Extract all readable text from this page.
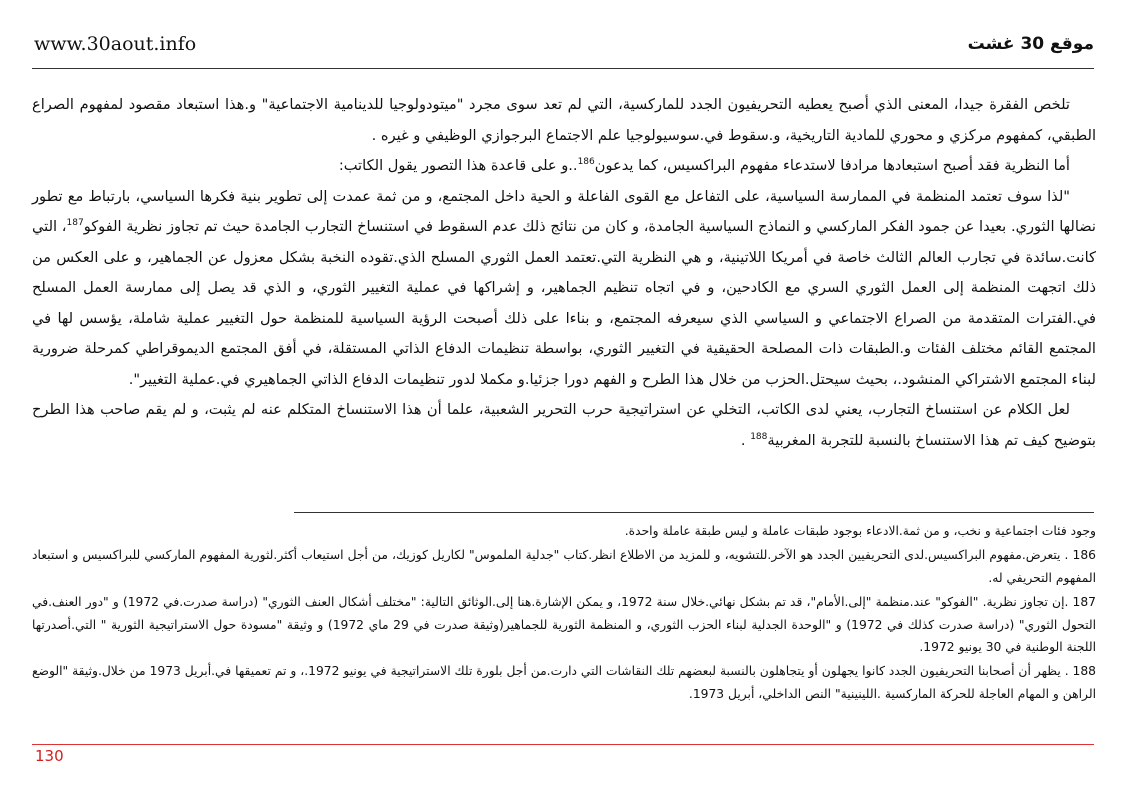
www.30aout.info	موقع 30 غشت

تلخص الفقرة جيدا، المعنى الذي أصبح يعطيه التحريفيون الجدد للماركسية، التي لم تعد سوى مجرد "ميتودولوجيا للدينامية الاجتماعية" و.هذا استبعاد مقصود لمفهوم الصراع الطبقي، كمفهوم مركزي و محوري للمادية التاريخية، و.سقوط في.سوسيولوجيا علم الاجتماع البرجوازي الوظيفي و غيره .

أما النظرية فقد أصبح استبعادها مرادفا لاستدعاء مفهوم البراكسيس، كما يدعون$^{186}$..و على قاعدة هذا التصور يقول الكاتب:

"لذا سوف تعتمد المنظمة في الممارسة السياسية، على التفاعل مع القوى الفاعلة و الحية داخل المجتمع، و من ثمة عمدت إلى تطوير بنية فكرها السياسي، بارتباط مع تطور نضالها الثوري. بعيدا عن جمود الفكر الماركسي و النماذج السياسية الجامدة، و كان من نتائج ذلك عدم السقوط في استنساخ التجارب الجامدة حيث تم تجاوز نظرية الفوكو$^{187}$، التي كانت.سائدة في تجارب العالم الثالث خاصة في أمريكا اللاتينية، و هي النظرية التي.تعتمد العمل الثوري المسلح الذي.تقوده النخبة بشكل معزول عن الجماهير، و على العكس من ذلك اتجهت المنظمة إلى العمل الثوري السري مع الكادحين، و في اتجاه تنظيم الجماهير، و إشراكها في عملية التغيير الثوري، و الذي قد يصل إلى ممارسة العمل المسلح في.الفترات المتقدمة من الصراع الاجتماعي و السياسي الذي سيعرفه المجتمع، و بناءا على ذلك أصبحت الرؤية السياسية للمنظمة حول التغيير عملية شاملة، يؤسس لها في المجتمع القائم مختلف الفئات و.الطبقات ذات المصلحة الحقيقية في التغيير الثوري، بواسطة تنظيمات الدفاع الذاتي المستقلة، في أفق المجتمع الديموقراطي كمرحلة ضرورية لبناء المجتمع الاشتراكي المنشود.، بحيث سيحتل.الحزب من خلال هذا الطرح و الفهم دورا جزئيا.و مكملا لدور تنظيمات الدفاع الذاتي الجماهيري في.عملية التغيير".

لعل الكلام عن استنساخ التجارب، يعني لدى الكاتب، التخلي عن استراتيجية حرب التحرير الشعبية، علما أن هذا الاستنساخ المتكلم عنه لم يثبت، و لم يقم صاحب هذا الطرح بتوضيح كيف تم هذا الاستنساخ بالنسبة للتجربة المغربية$^{188}$ .

وجود فئات اجتماعية و نخب، و من ثمة.الادعاء بوجود طبقات عاملة و ليس طبقة عاملة واحدة.

186 . يتعرض.مفهوم البراكسيس.لدى التحريفيين الجدد هو الآخر.للتشويه، و للمزيد من الاطلاع انظر.كتاب "جدلية الملموس" لكاريل كوزيك، من أجل استيعاب أكثر.لثورية المفهوم الماركسي للبراكسيس و استبعاد المفهوم التحريفي له.

187 .إن تجاوز نظرية. "الفوكو" عند.منظمة "إلى.الأمام"، قد تم بشكل نهائي.خلال سنة 1972، و يمكن الإشارة.هنا إلى.الوثائق التالية: "مختلف أشكال العنف الثوري" (دراسة صدرت.في 1972) و "دور العنف.في التحول الثوري" (دراسة صدرت كذلك في 1972) و "الوحدة الجدلية لبناء الحزب الثوري، و المنظمة الثورية للجماهير(وثيقة صدرت في 29 ماي 1972) و وثيقة "مسودة حول الاستراتيجية الثورية " التي.أصدرتها اللجنة الوطنية في 30 يونيو 1972.

188 . يظهر أن أصحابنا التحريفيون الجدد كانوا يجهلون أو يتجاهلون بالنسبة لبعضهم تلك النقاشات التي دارت.من أجل بلورة تلك الاستراتيجية في يونيو 1972.، و تم تعميقها في.أبريل 1973 من خلال.وثيقة "الوضع الراهن و المهام العاجلة للحركة الماركسية .اللينينية" النص الداخلي، أبريل 1973.

130
